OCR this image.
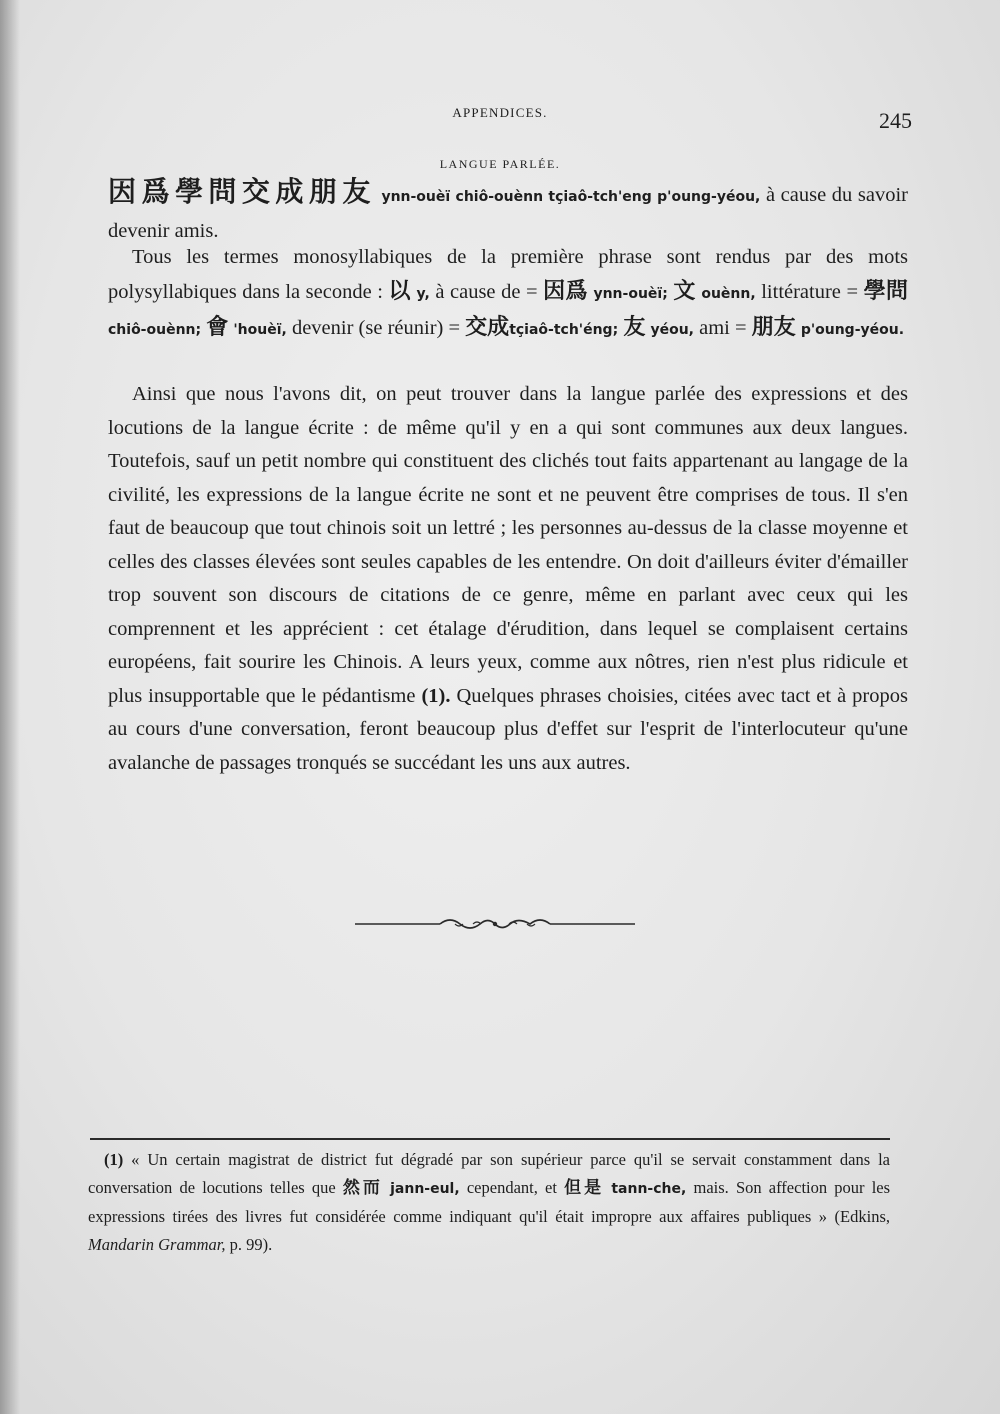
APPENDICES.	245
LANGUE PARLÉE.

因爲學問交成朋友 ynn-ouèï chiô-ouènn tçiaô-tch'eng p'oung-yéou, à cause du savoir devenir amis.

Tous les termes monosyllabiques de la première phrase sont rendus par des mots polysyllabiques dans la seconde : 以 y, à cause de = 因爲 ynn-ouèï; 文 ouènn, littérature = 學問 chiô-ouènn; 會 'houèï, devenir (se réunir) = 交成tçiaô-tch'éng; 友 yéou, ami = 朋友 p'oung-yéou.

Ainsi que nous l'avons dit, on peut trouver dans la langue parlée des expressions et des locutions de la langue écrite : de même qu'il y en a qui sont communes aux deux langues. Toutefois, sauf un petit nombre qui constituent des clichés tout faits appartenant au langage de la civilité, les expressions de la langue écrite ne sont et ne peuvent être comprises de tous. Il s'en faut de beaucoup que tout chinois soit un lettré ; les personnes au-dessus de la classe moyenne et celles des classes élevées sont seules capables de les entendre. On doit d'ailleurs éviter d'émailler trop souvent son discours de citations de ce genre, même en parlant avec ceux qui les comprennent et les apprécient : cet étalage d'érudition, dans lequel se complaisent certains européens, fait sourire les Chinois. A leurs yeux, comme aux nôtres, rien n'est plus ridicule et plus insupportable que le pédantisme (1). Quelques phrases choisies, citées avec tact et à propos au cours d'une conversation, feront beaucoup plus d'effet sur l'esprit de l'interlocuteur qu'une avalanche de passages tronqués se succédant les uns aux autres.

(1) « Un certain magistrat de district fut dégradé par son supérieur parce qu'il se servait constamment dans la conversation de locutions telles que 然而 jann-eul, cependant, et 但是 tann-che, mais. Son affection pour les expressions tirées des livres fut considérée comme indiquant qu'il était impropre aux affaires publiques » (Edkins, Mandarin Grammar, p. 99).
